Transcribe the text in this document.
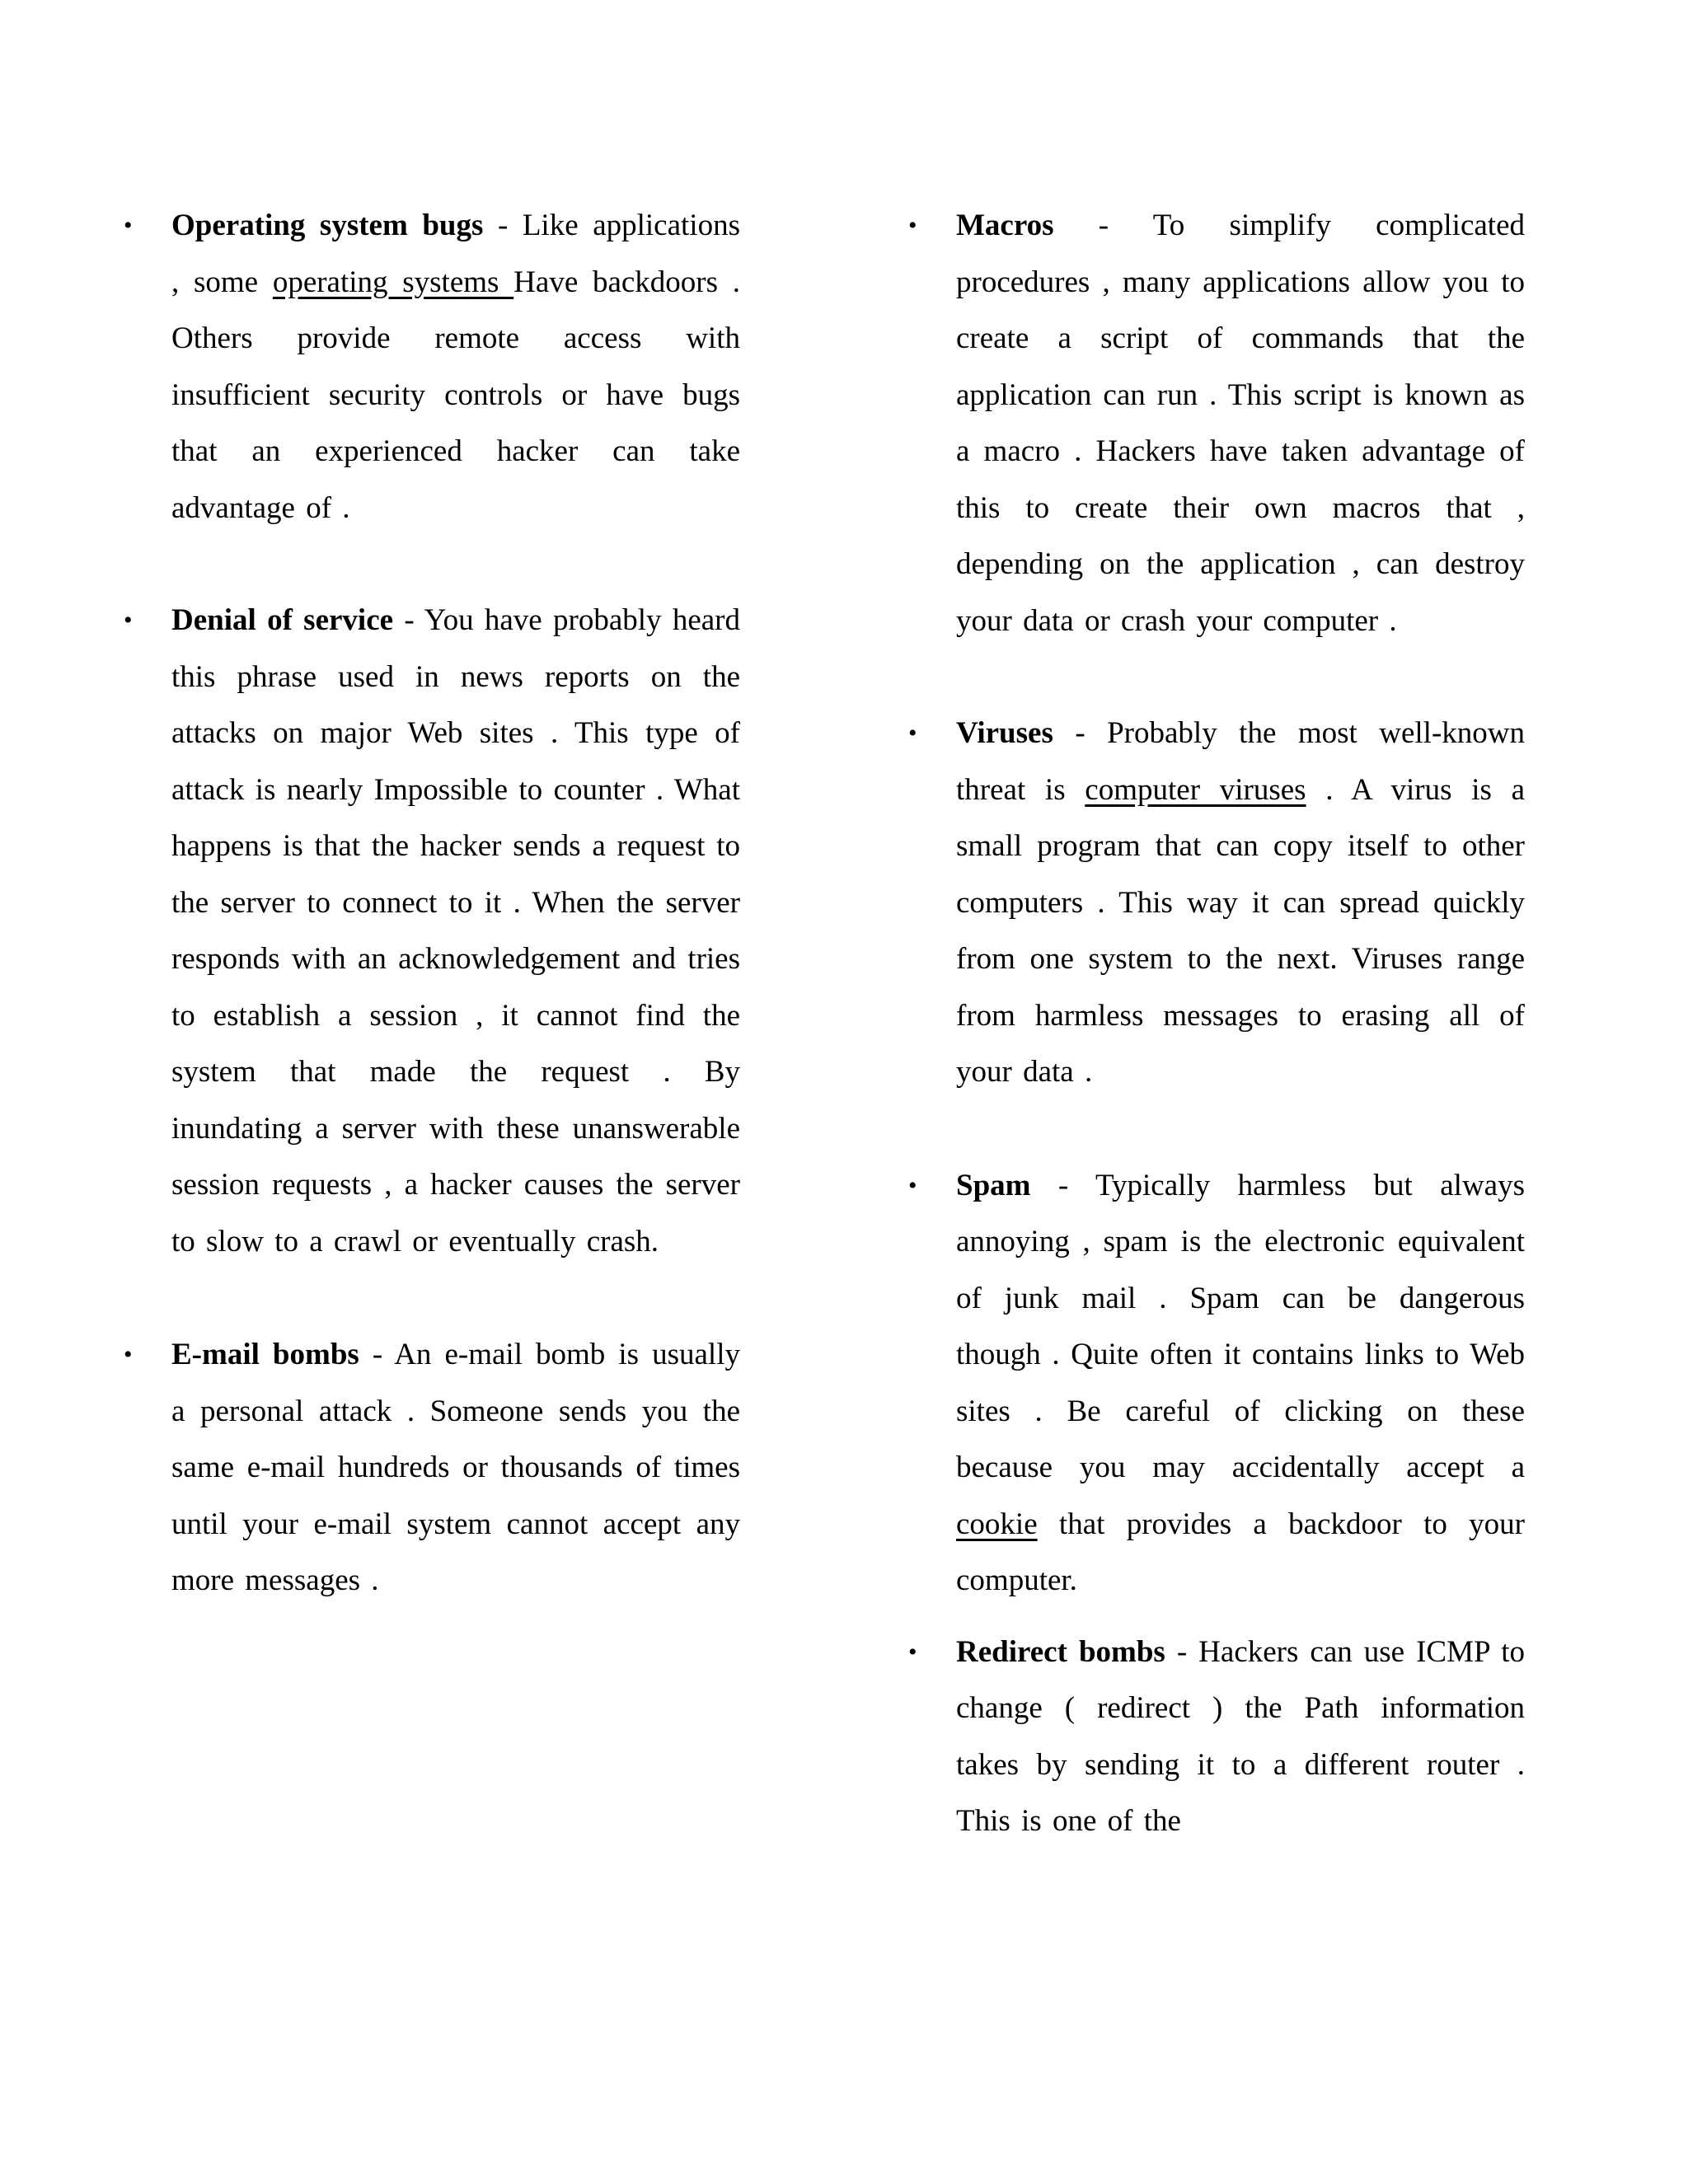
• Operating system bugs - Like applications , some operating systems Have backdoors . Others provide remote access with insufficient security controls or have bugs that an experienced hacker can take advantage of .
• Denial of service - You have probably heard this phrase used in news reports on the attacks on major Web sites . This type of attack is nearly Impossible to counter . What happens is that the hacker sends a request to the server to connect to it . When the server responds with an acknowledgement and tries to establish a session , it cannot find the system that made the request . By inundating a server with these unanswerable session requests , a hacker causes the server to slow to a crawl or eventually crash.
• E-mail bombs - An e-mail bomb is usually a personal attack . Someone sends you the same e-mail hundreds or thousands of times until your e-mail system cannot accept any more messages .
• Macros - To simplify complicated procedures , many applications allow you to create a script of commands that the application can run . This script is known as a macro . Hackers have taken advantage of this to create their own macros that , depending on the application , can destroy your data or crash your computer .
• Viruses - Probably the most well-known threat is computer viruses . A virus is a small program that can copy itself to other computers . This way it can spread quickly from one system to the next. Viruses range from harmless messages to erasing all of your data .
• Spam - Typically harmless but always annoying , spam is the electronic equivalent of junk mail . Spam can be dangerous though . Quite often it contains links to Web sites . Be careful of clicking on these because you may accidentally accept a cookie that provides a backdoor to your computer.
• Redirect bombs - Hackers can use ICMP to change ( redirect ) the Path information takes by sending it to a different router . This is one of the
